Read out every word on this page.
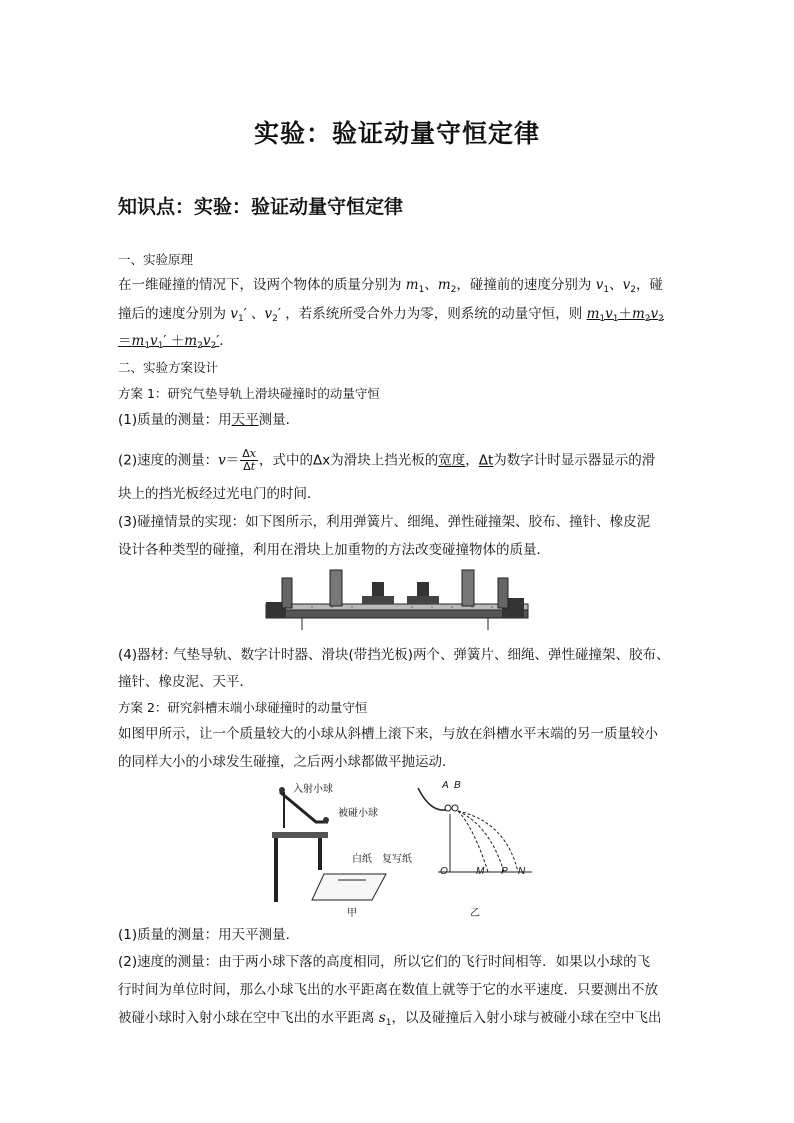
实验：验证动量守恒定律
知识点：实验：验证动量守恒定律
一、实验原理
在一维碰撞的情况下，设两个物体的质量分别为 $m_1$、$m_2$，碰撞前的速度分别为 $v_1$、$v_2$，碰
撞后的速度分别为 $v_1'$ 、$v_2'$ ，若系统所受合外力为零，则系统的动量守恒，则 $m_1v_1+m_2v_2$
$=m_1v_1' +m_2v_2'$．
二、实验方案设计
方案 1：研究气垫导轨上滑块碰撞时的动量守恒
(1)质量的测量：用天平测量．
(2)速度的测量：$v= \frac{\Delta x}{\Delta t}$ ，式中的Δx为滑块上挡光板的宽度，Δt为数字计时显示器显示的滑
块上的挡光板经过光电门的时间．
(3)碰撞情景的实现：如下图所示，利用弹簧片、细绳、弹性碰撞架、胶布、撞针、橡皮泥
设计各种类型的碰撞，利用在滑块上加重物的方法改变碰撞物体的质量．
(4)器材: 气垫导轨、数字计时器、滑块(带挡光板)两个、弹簧片、细绳、弹性碰撞架、胶布、
撞针、橡皮泥、天平．
方案 2：研究斜槽末端小球碰撞时的动量守恒
如图甲所示，让一个质量较大的小球从斜槽上滚下来，与放在斜槽水平末端的另一质量较小
的同样大小的小球发生碰撞，之后两小球都做平抛运动．
入射小球
被碰小球
白纸 复写纸
甲
A B
O	M P N
乙
(1)质量的测量：用天平测量．
(2)速度的测量：由于两小球下落的高度相同，所以它们的飞行时间相等．如果以小球的飞
行时间为单位时间，那么小球飞出的水平距离在数值上就等于它的水平速度．只要测出不放
被碰小球时入射小球在空中飞出的水平距离 $s_1$，以及碰撞后入射小球与被碰小球在空中飞出
